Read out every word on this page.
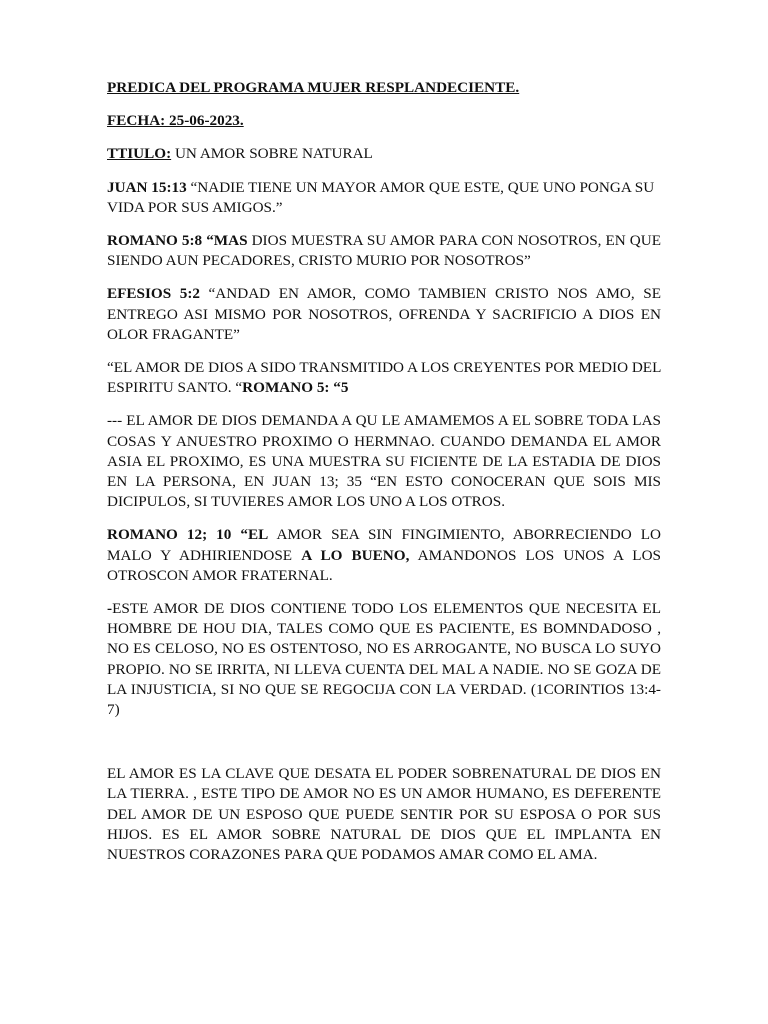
PREDICA DEL PROGRAMA MUJER RESPLANDECIENTE.

FECHA: 25-06-2023.

TTIULO: UN AMOR SOBRE NATURAL

JUAN 15:13 “NADIE TIENE UN MAYOR AMOR QUE ESTE, QUE UNO PONGA SU VIDA POR SUS AMIGOS.”

ROMANO 5:8 “MAS DIOS MUESTRA SU AMOR PARA CON NOSOTROS, EN QUE SIENDO AUN PECADORES, CRISTO MURIO POR NOSOTROS”

EFESIOS 5:2 “ANDAD EN AMOR, COMO TAMBIEN CRISTO NOS AMO, SE ENTREGO ASI MISMO POR NOSOTROS, OFRENDA Y SACRIFICIO A DIOS EN OLOR FRAGANTE”

“EL AMOR DE DIOS A SIDO TRANSMITIDO A LOS CREYENTES POR MEDIO DEL ESPIRITU SANTO. “ROMANO 5: “5

--- EL AMOR DE DIOS DEMANDA A QU LE AMAMEMOS A EL SOBRE TODA LAS COSAS Y ANUESTRO PROXIMO O HERMNAO. CUANDO DEMANDA EL AMOR ASIA EL PROXIMO, ES UNA MUESTRA SU FICIENTE DE LA ESTADIA DE DIOS EN LA PERSONA, EN JUAN 13; 35 “EN ESTO CONOCERAN QUE SOIS MIS DICIPULOS, SI TUVIERES AMOR LOS UNO A LOS OTROS.

ROMANO 12; 10 “EL AMOR SEA SIN FINGIMIENTO, ABORRECIENDO LO MALO Y ADHIRIENDOSE A LO BUENO, AMANDONOS LOS UNOS A LOS OTROSCON AMOR FRATERNAL.

-ESTE AMOR DE DIOS CONTIENE TODO LOS ELEMENTOS QUE NECESITA EL HOMBRE DE HOU DIA, TALES COMO QUE ES PACIENTE, ES BOMNDADOSO , NO ES CELOSO, NO ES OSTENTOSO, NO ES ARROGANTE, NO BUSCA LO SUYO PROPIO. NO SE IRRITA, NI LLEVA CUENTA DEL MAL A NADIE. NO SE GOZA DE LA INJUSTICIA, SI NO QUE SE REGOCIJA CON LA VERDAD. (1CORINTIOS 13:4-7)

EL AMOR ES LA CLAVE QUE DESATA EL PODER SOBRENATURAL DE DIOS EN LA TIERRA. , ESTE TIPO DE AMOR NO ES UN AMOR HUMANO, ES DEFERENTE DEL AMOR DE UN ESPOSO QUE PUEDE SENTIR POR SU ESPOSA O POR SUS HIJOS. ES EL AMOR SOBRE NATURAL DE DIOS QUE EL IMPLANTA EN NUESTROS CORAZONES PARA QUE PODAMOS AMAR COMO EL AMA.
